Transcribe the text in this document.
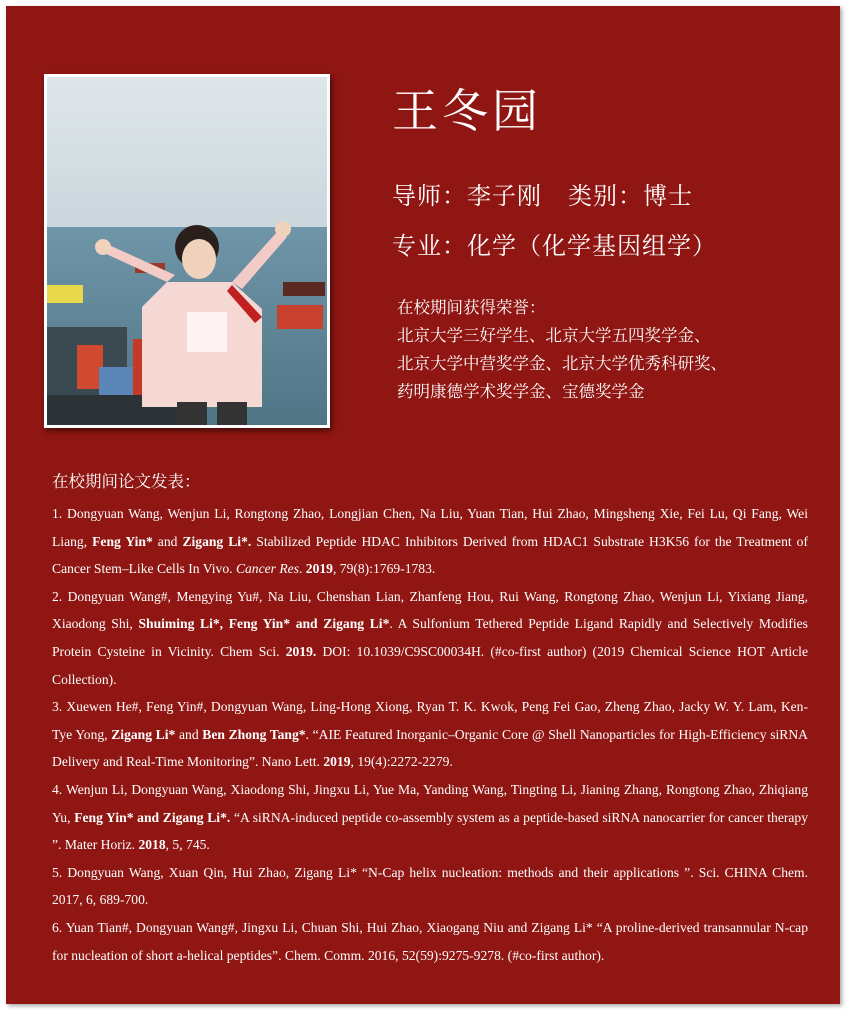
王冬园
导师：李子刚 类别：博士
专业：化学（化学基因组学）
在校期间获得荣誉：
北京大学三好学生、北京大学五四奖学金、
北京大学中营奖学金、北京大学优秀科研奖、
药明康德学术奖学金、宝德奖学金
在校期间论文发表：

1. Dongyuan Wang, Wenjun Li, Rongtong Zhao, Longjian Chen, Na Liu, Yuan Tian, Hui Zhao, Mingsheng Xie, Fei Lu, Qi Fang, Wei Liang, Feng Yin* and Zigang Li*. Stabilized Peptide HDAC Inhibitors Derived from HDAC1 Substrate H3K56 for the Treatment of Cancer Stem–Like Cells In Vivo. Cancer Res. 2019, 79(8):1769-1783.

2. Dongyuan Wang#, Mengying Yu#, Na Liu, Chenshan Lian, Zhanfeng Hou, Rui Wang, Rongtong Zhao, Wenjun Li, Yixiang Jiang, Xiaodong Shi, Shuiming Li*, Feng Yin* and Zigang Li*. A Sulfonium Tethered Peptide Ligand Rapidly and Selectively Modifies Protein Cysteine in Vicinity. Chem Sci. 2019. DOI: 10.1039/C9SC00034H. (#co-first author) (2019 Chemical Science HOT Article Collection).

3. Xuewen He#, Feng Yin#, Dongyuan Wang, Ling-Hong Xiong, Ryan T. K. Kwok, Peng Fei Gao, Zheng Zhao, Jacky W. Y. Lam, Ken-Tye Yong, Zigang Li* and Ben Zhong Tang*. “AIE Featured Inorganic–Organic Core @ Shell Nanoparticles for High-Efficiency siRNA Delivery and Real-Time Monitoring”. Nano Lett. 2019, 19(4):2272-2279.

4. Wenjun Li, Dongyuan Wang, Xiaodong Shi, Jingxu Li, Yue Ma, Yanding Wang, Tingting Li, Jianing Zhang, Rongtong Zhao, Zhiqiang Yu, Feng Yin* and Zigang Li*. “A siRNA-induced peptide co-assembly system as a peptide-based siRNA nanocarrier for cancer therapy ”. Mater Horiz. 2018, 5, 745.

5. Dongyuan Wang, Xuan Qin, Hui Zhao, Zigang Li* “N-Cap helix nucleation: methods and their applications ”. Sci. CHINA Chem. 2017, 6, 689-700.

6. Yuan Tian#, Dongyuan Wang#, Jingxu Li, Chuan Shi, Hui Zhao, Xiaogang Niu and Zigang Li* “A proline-derived transannular N-cap for nucleation of short a-helical peptides”. Chem. Comm. 2016, 52(59):9275-9278. (#co-first author).
